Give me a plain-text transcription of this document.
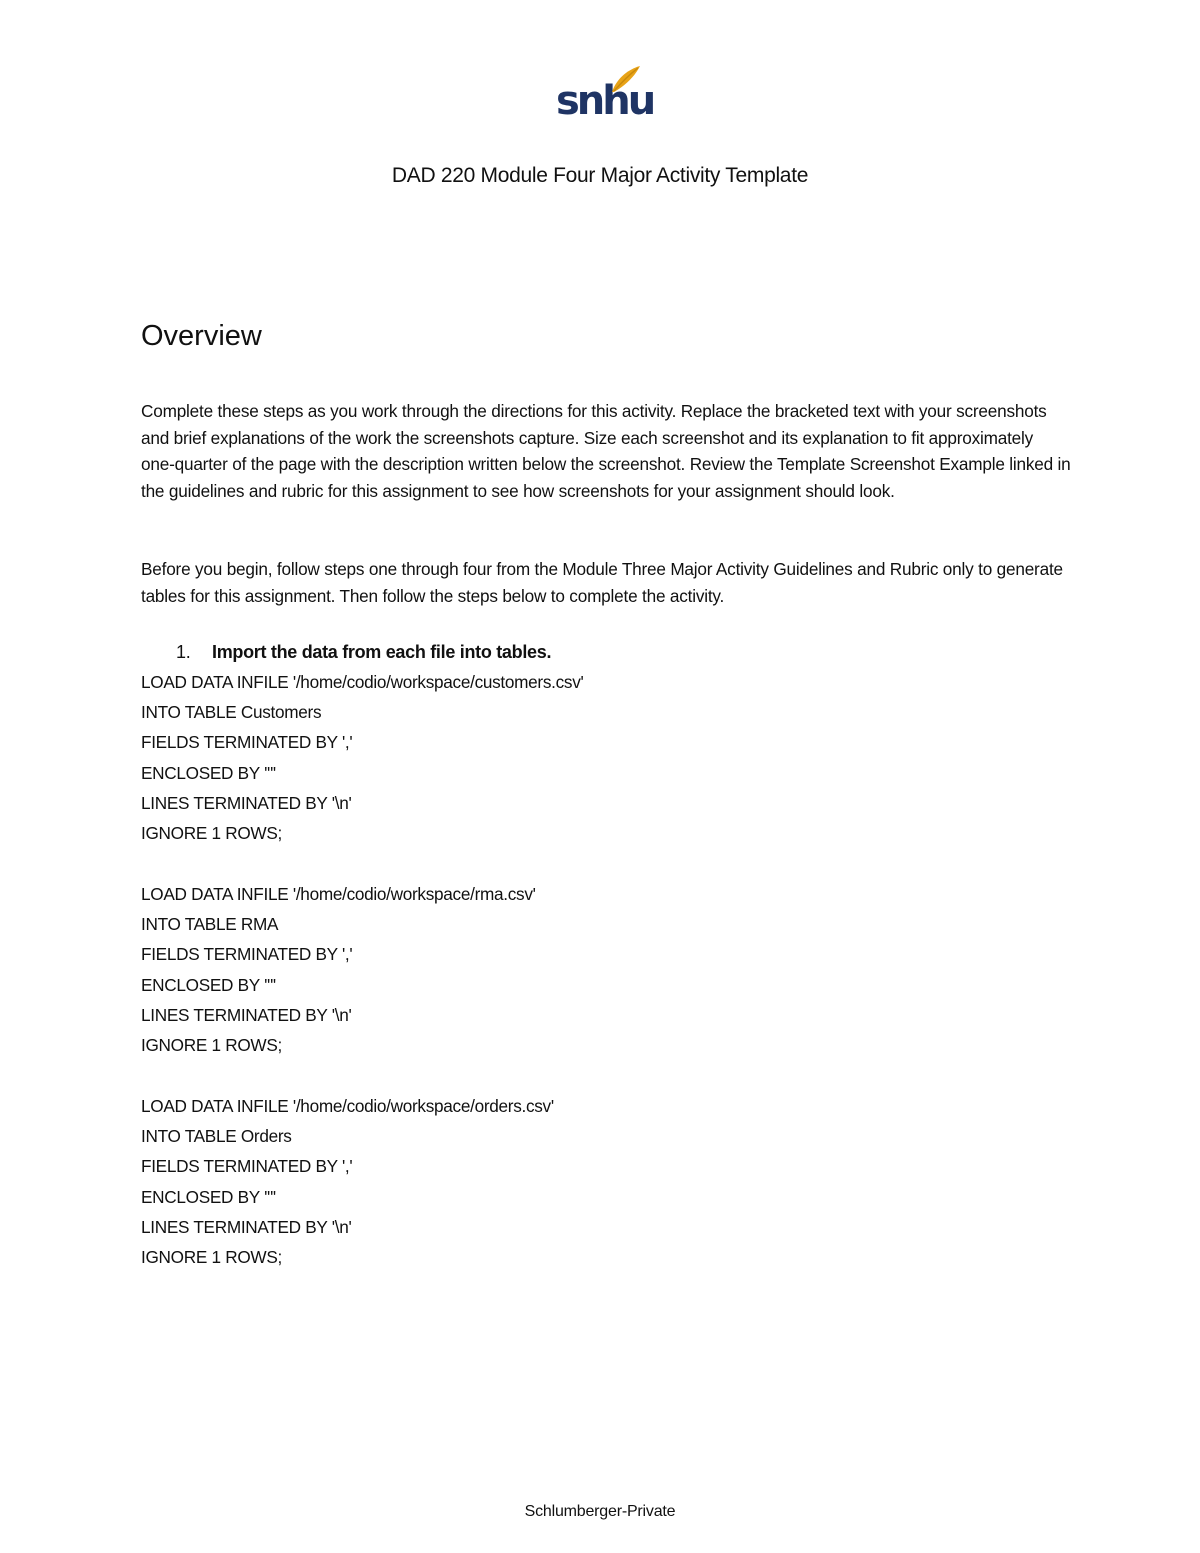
snhu
DAD 220 Module Four Major Activity Template
Overview

Complete these steps as you work through the directions for this activity. Replace the bracketed text with your screenshots and brief explanations of the work the screenshots capture. Size each screenshot and its explanation to fit approximately one-quarter of the page with the description written below the screenshot. Review the Template Screenshot Example linked in the guidelines and rubric for this assignment to see how screenshots for your assignment should look.

Before you begin, follow steps one through four from the Module Three Major Activity Guidelines and Rubric only to generate tables for this assignment. Then follow the steps below to complete the activity.

1. Import the data from each file into tables.
LOAD DATA INFILE '/home/codio/workspace/customers.csv'
INTO TABLE Customers
FIELDS TERMINATED BY ','
ENCLOSED BY '"'
LINES TERMINATED BY '\n'
IGNORE 1 ROWS;
LOAD DATA INFILE '/home/codio/workspace/rma.csv'
INTO TABLE RMA
FIELDS TERMINATED BY ','
ENCLOSED BY '"'
LINES TERMINATED BY '\n'
IGNORE 1 ROWS;
LOAD DATA INFILE '/home/codio/workspace/orders.csv'
INTO TABLE Orders
FIELDS TERMINATED BY ','
ENCLOSED BY '"'
LINES TERMINATED BY '\n'
IGNORE 1 ROWS;
Schlumberger-Private
